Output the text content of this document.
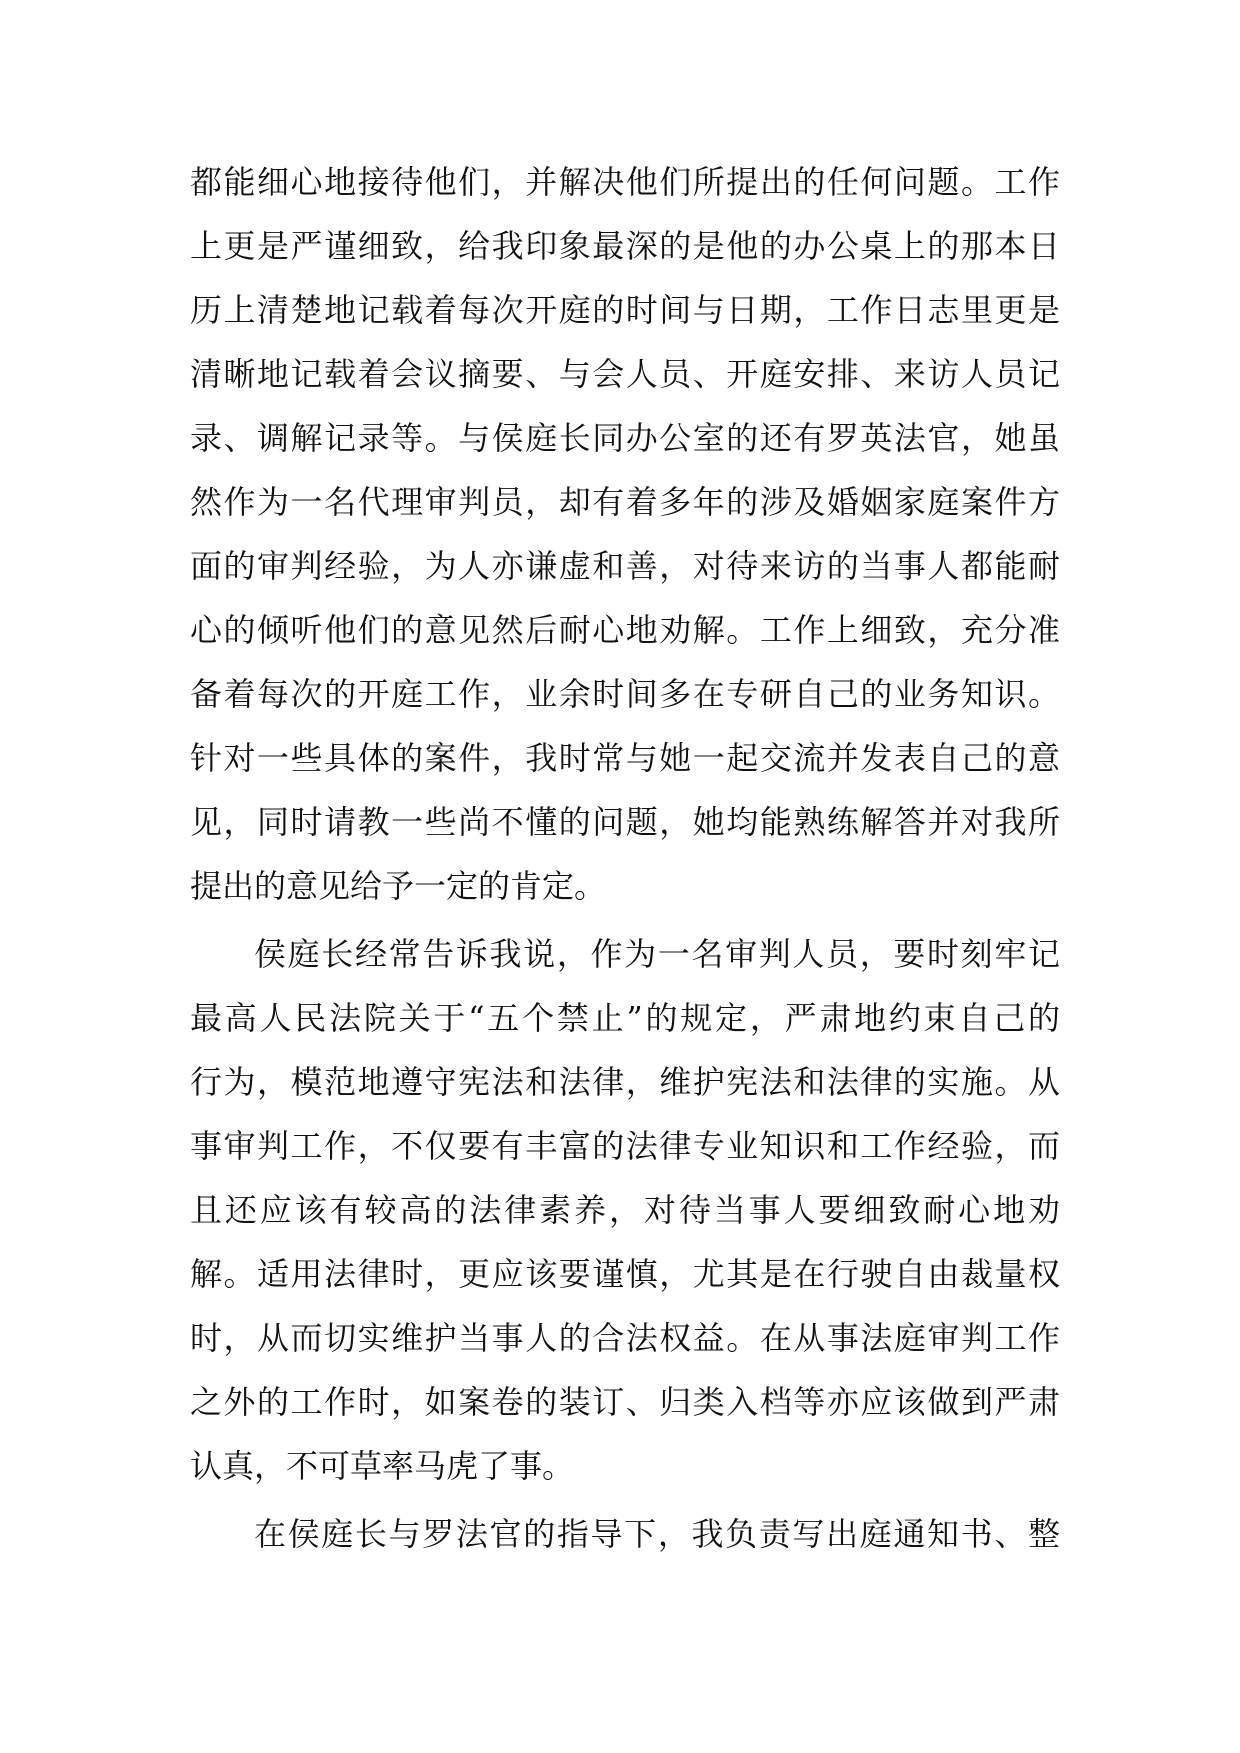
都能细心地接待他们，并解决他们所提出的任何问题。工作
上更是严谨细致，给我印象最深的是他的办公桌上的那本日
历上清楚地记载着每次开庭的时间与日期，工作日志里更是
清晰地记载着会议摘要、与会人员、开庭安排、来访人员记
录、调解记录等。与侯庭长同办公室的还有罗英法官，她虽
然作为一名代理审判员，却有着多年的涉及婚姻家庭案件方
面的审判经验，为人亦谦虚和善，对待来访的当事人都能耐
心的倾听他们的意见然后耐心地劝解。工作上细致，充分准
备着每次的开庭工作，业余时间多在专研自己的业务知识。
针对一些具体的案件，我时常与她一起交流并发表自己的意
见，同时请教一些尚不懂的问题，她均能熟练解答并对我所
提出的意见给予一定的肯定。
侯庭长经常告诉我说，作为一名审判人员，要时刻牢记
最高人民法院关于“五个禁止”的规定，严肃地约束自己的
行为，模范地遵守宪法和法律，维护宪法和法律的实施。从
事审判工作，不仅要有丰富的法律专业知识和工作经验，而
且还应该有较高的法律素养，对待当事人要细致耐心地劝
解。适用法律时，更应该要谨慎，尤其是在行驶自由裁量权
时，从而切实维护当事人的合法权益。在从事法庭审判工作
之外的工作时，如案卷的装订、归类入档等亦应该做到严肃
认真，不可草率马虎了事。
在侯庭长与罗法官的指导下，我负责写出庭通知书、整
